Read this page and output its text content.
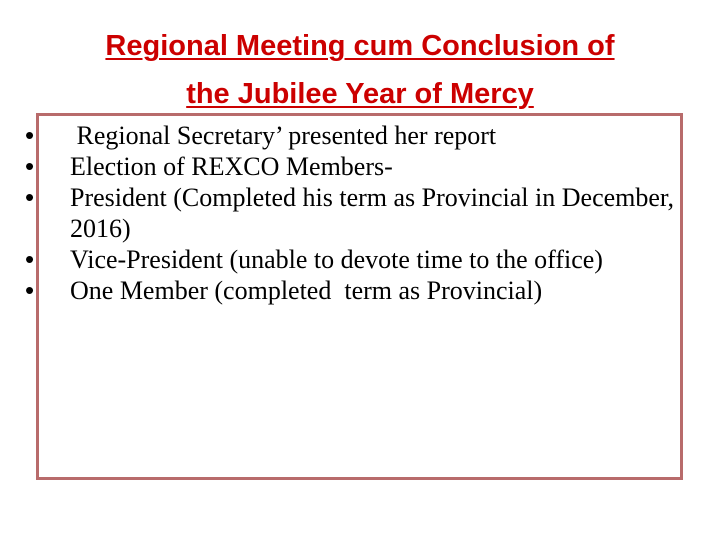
Regional Meeting cum Conclusion of
the Jubilee Year of Mercy
• Regional Secretary’ presented her report
• Election of REXCO Members-
• President (Completed his term as Provincial in December, 2016)
• Vice-President (unable to devote time to the office)
• One Member (completed  term as Provincial)
